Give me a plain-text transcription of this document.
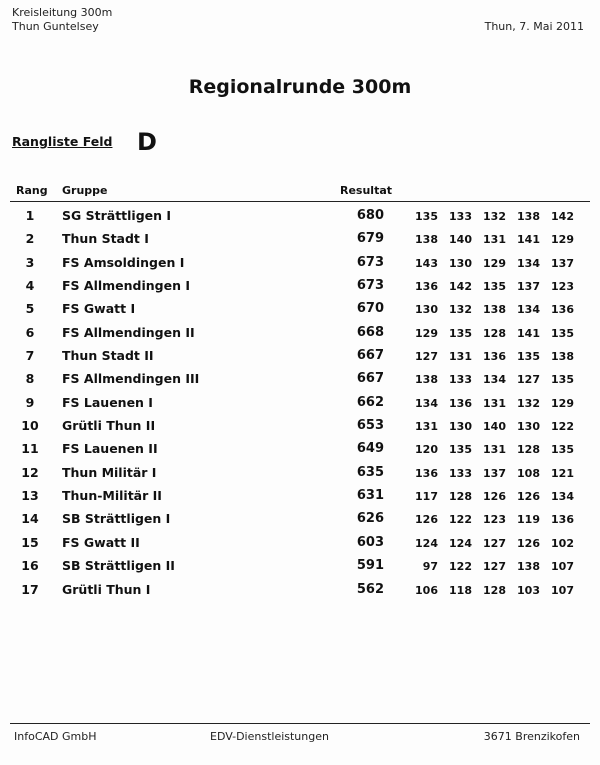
Kreisleitung 300m
Thun Guntelsey	Thun, 7. Mai 2011
Regionalrunde 300m
Rangliste Feld D
Rang Gruppe	Resultat
1	SG Strättligen I	680	135	133	132	138	142
2	Thun Stadt I	679	138	140	131	141	129
3	FS Amsoldingen I	673	143	130	129	134	137
4	FS Allmendingen I	673	136	142	135	137	123
5	FS Gwatt I	670	130	132	138	134	136
6	FS Allmendingen II	668	129	135	128	141	135
7	Thun Stadt II	667	127	131	136	135	138
8	FS Allmendingen III	667	138	133	134	127	135
9	FS Lauenen I	662	134	136	131	132	129
10 Grütli Thun II	653	131	130	140	130	122
11 FS Lauenen II	649	120	135	131	128	135
12 Thun Militär I	635	136	133	137	108	121
13 Thun-Militär II	631	117	128	126	126	134
14 SB Strättligen I	626	126	122	123	119	136
15 FS Gwatt II	603	124	124	127	126	102
16 SB Strättligen II	591	97	122	127	138	107
17 Grütli Thun I	562	106	118	128	103	107
InfoCAD GmbH	EDV-Dienstleistungen	3671 Brenzikofen
